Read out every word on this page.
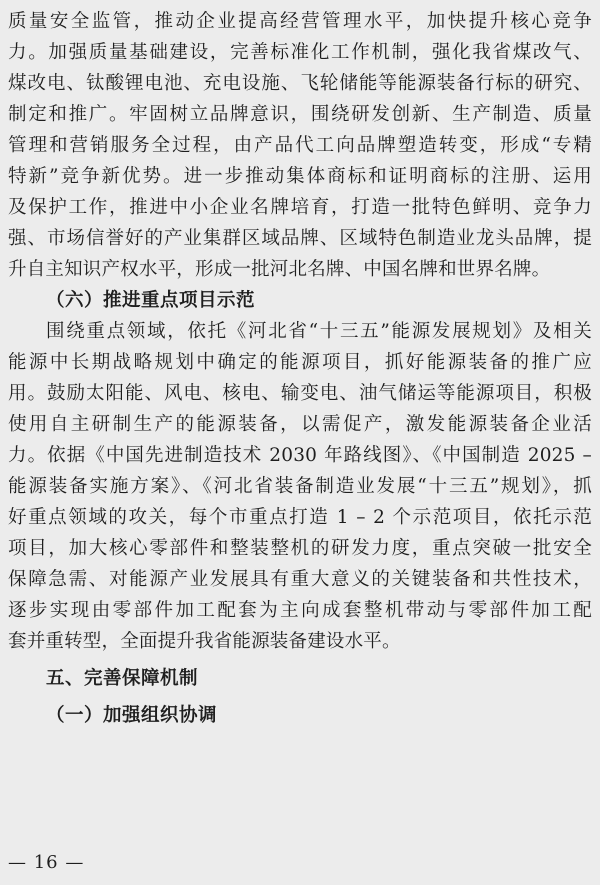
质量安全监管，推动企业提高经营管理水平，加快提升核心竞争
力。加强质量基础建设，完善标准化工作机制，强化我省煤改气、
煤改电、钛酸锂电池、充电设施、飞轮储能等能源装备行标的研究、
制定和推广。牢固树立品牌意识，围绕研发创新、生产制造、质量
管理和营销服务全过程，由产品代工向品牌塑造转变，形成“专精
特新”竞争新优势。进一步推动集体商标和证明商标的注册、运用
及保护工作，推进中小企业名牌培育，打造一批特色鲜明、竞争力
强、市场信誉好的产业集群区域品牌、区域特色制造业龙头品牌，提
升自主知识产权水平，形成一批河北名牌、中国名牌和世界名牌。
（六）推进重点项目示范
围绕重点领域，依托《河北省“十三五”能源发展规划》及相关
能源中长期战略规划中确定的能源项目，抓好能源装备的推广应
用。鼓励太阳能、风电、核电、输变电、油气储运等能源项目，积极
使用自主研制生产的能源装备，以需促产，激发能源装备企业活
力。依据《中国先进制造技术 2030 年路线图》、《中国制造 2025 –
能源装备实施方案》、《河北省装备制造业发展“十三五”规划》，抓
好重点领域的攻关，每个市重点打造 1 – 2 个示范项目，依托示范
项目，加大核心零部件和整装整机的研发力度，重点突破一批安全
保障急需、对能源产业发展具有重大意义的关键装备和共性技术，
逐步实现由零部件加工配套为主向成套整机带动与零部件加工配
套并重转型，全面提升我省能源装备建设水平。
五、完善保障机制
（一）加强组织协调
— 16 —
